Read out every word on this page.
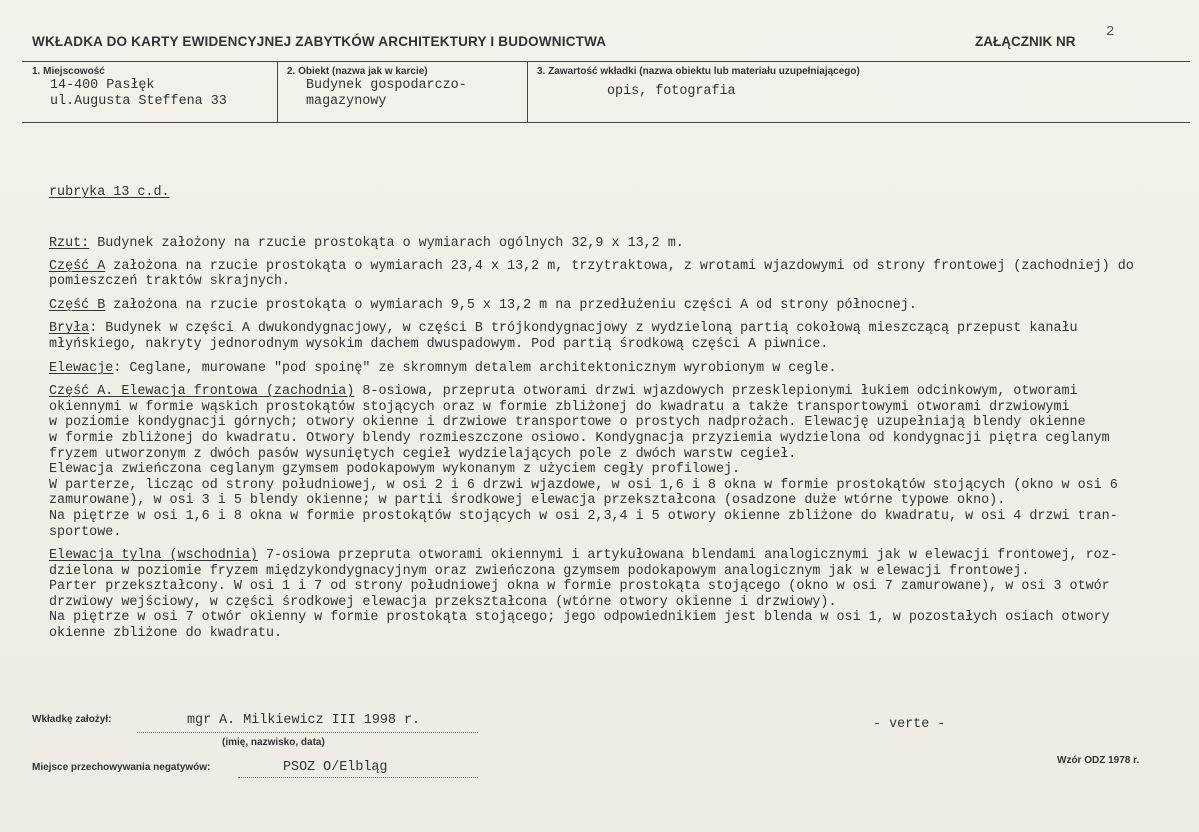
WKŁADKA DO KARTY EWIDENCYJNEJ ZABYTKÓW ARCHITEKTURY I BUDOWNICTWA	ZAŁĄCZNIK NR
2
1. Miejscowość
14-400 Pasłęk
ul.Augusta Steffena 33
2. Obiekt (nazwa jak w karcie)
Budynek gospodarczo-
magazynowy
3. Zawartość wkładki (nazwa obiektu lub materiału uzupełniającego)
opis, fotografia
rubryka 13 c.d.

Rzut: Budynek założony na rzucie prostokąta o wymiarach ogólnych 32,9 x 13,2 m.

Część A założona na rzucie prostokąta o wymiarach 23,4 x 13,2 m, trzytraktowa, z wrotami wjazdowymi od strony frontowej (zachodniej) do
pomieszczeń traktów skrajnych.

Część B założona na rzucie prostokąta o wymiarach 9,5 x 13,2 m na przedłużeniu części A od strony północnej.

Bryła: Budynek w części A dwukondygnacjowy, w części B trójkondygnacjowy z wydzieloną partią cokołową mieszczącą przepust kanału
młyńskiego, nakryty jednorodnym wysokim dachem dwuspadowym. Pod partią środkową części A piwnice.

Elewacje: Ceglane, murowane "pod spoinę" ze skromnym detalem architektonicznym wyrobionym w cegle.

Część A. Elewacja frontowa (zachodnia) 8-osiowa, przepruta otworami drzwi wjazdowych przesklepionymi łukiem odcinkowym, otworami
okiennymi w formie wąskich prostokątów stojących oraz w formie zbliżonej do kwadratu a także transportowymi otworami drzwiowymi
w poziomie kondygnacji górnych; otwory okienne i drzwiowe transportowe o prostych nadprożach. Elewację uzupełniają blendy okienne
w formie zbliżonej do kwadratu. Otwory blendy rozmieszczone osiowo. Kondygnacja przyziemia wydzielona od kondygnacji piętra ceglanym
fryzem utworzonym z dwóch pasów wysuniętych cegieł wydzielających pole z dwóch warstw cegieł.
Elewacja zwieńczona ceglanym gzymsem podokapowym wykonanym z użyciem cegły profilowej.
W parterze, licząc od strony południowej, w osi 2 i 6 drzwi wjazdowe, w osi 1,6 i 8 okna w formie prostokątów stojących (okno w osi 6
zamurowane), w osi 3 i 5 blendy okienne; w partii środkowej elewacja przekształcona (osadzone duże wtórne typowe okno).
Na piętrze w osi 1,6 i 8 okna w formie prostokątów stojących w osi 2,3,4 i 5 otwory okienne zbliżone do kwadratu, w osi 4 drzwi tran-
sportowe.

Elewacja tylna (wschodnia) 7-osiowa przepruta otworami okiennymi i artykułowana blendami analogicznymi jak w elewacji frontowej, roz-
dzielona w poziomie fryzem międzykondygnacyjnym oraz zwieńczona gzymsem podokapowym analogicznym jak w elewacji frontowej.
Parter przekształcony. W osi 1 i 7 od strony południowej okna w formie prostokąta stojącego (okno w osi 7 zamurowane), w osi 3 otwór
drzwiowy wejściowy, w części środkowej elewacja przekształcona (wtórne otwory okienne i drzwiowy).
Na piętrze w osi 7 otwór okienny w formie prostokąta stojącego; jego odpowiednikiem jest blenda w osi 1, w pozostałych osiach otwory
okienne zbliżone do kwadratu.

Wkładkę założył:	mgr A. Milkiewicz III 1998 r.
(imię, nazwisko, data)
- verte -
Miejsce przechowywania negatywów:	PSOZ O/Elbląg	Wzór ODZ 1978 r.
